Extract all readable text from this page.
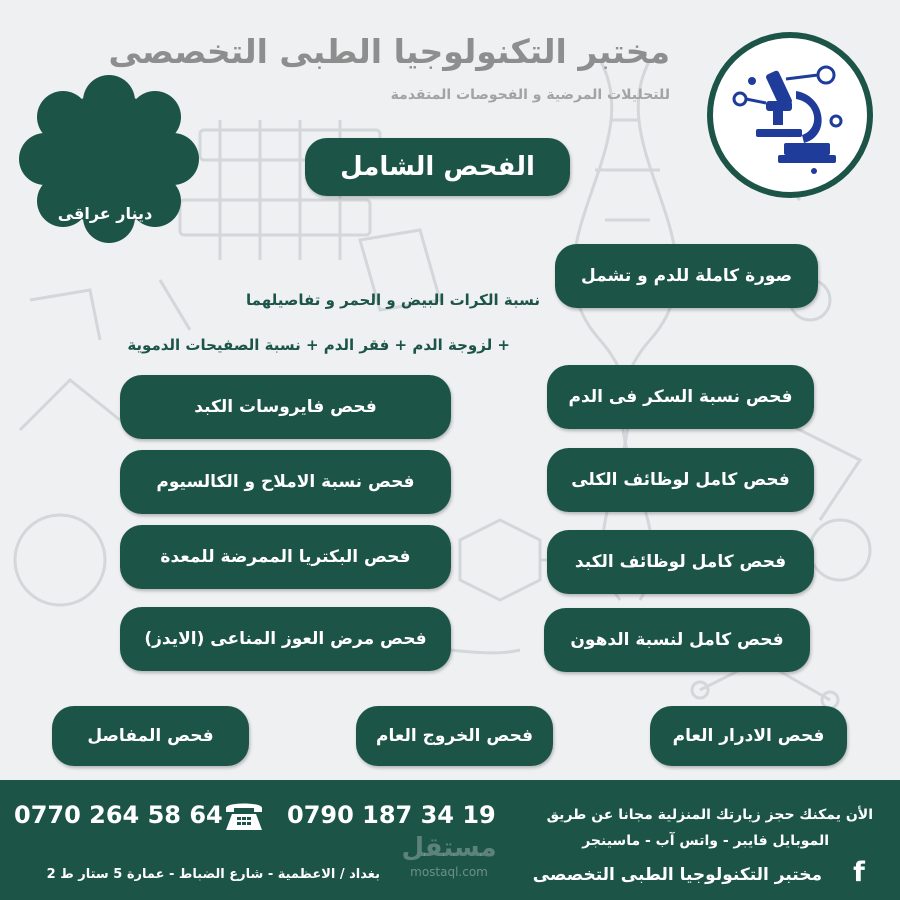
مختبر التكنولوجيا الطبى التخصصى
للتحليلات المرضية و الفحوصات المتقدمة
دينار عراقى
الفحص الشامل
صورة كاملة للدم و تشمل
نسبة الكرات البيض و الحمر و تفاصيلهما
+ لزوجة الدم + فقر الدم + نسبة الصفيحات الدموية
فحص نسبة السكر فى الدم
فحص كامل لوظائف الكلى
فحص كامل لوظائف الكبد
فحص كامل لنسبة الدهون
فحص فايروسات الكبد
فحص نسبة الاملاح و الكالسيوم
فحص البكتريا الممرضة للمعدة
فحص مرض العوز المناعى (الايدز)
فحص الادرار العام
فحص الخروج العام
فحص المفاصل
0770 264 58 64	0790 187 34 19	الأن يمكنك حجز زيارتك المنزلية مجانا عن طريق
الموبايل فايبر - واتس آب - ماسينجر
مختبر التكنولوجيا الطبى التخصصى
بغداد / الاعظمية - شارع الضباط - عمارة 5 ستار ط 2	f
مستقل
mostaql.com
